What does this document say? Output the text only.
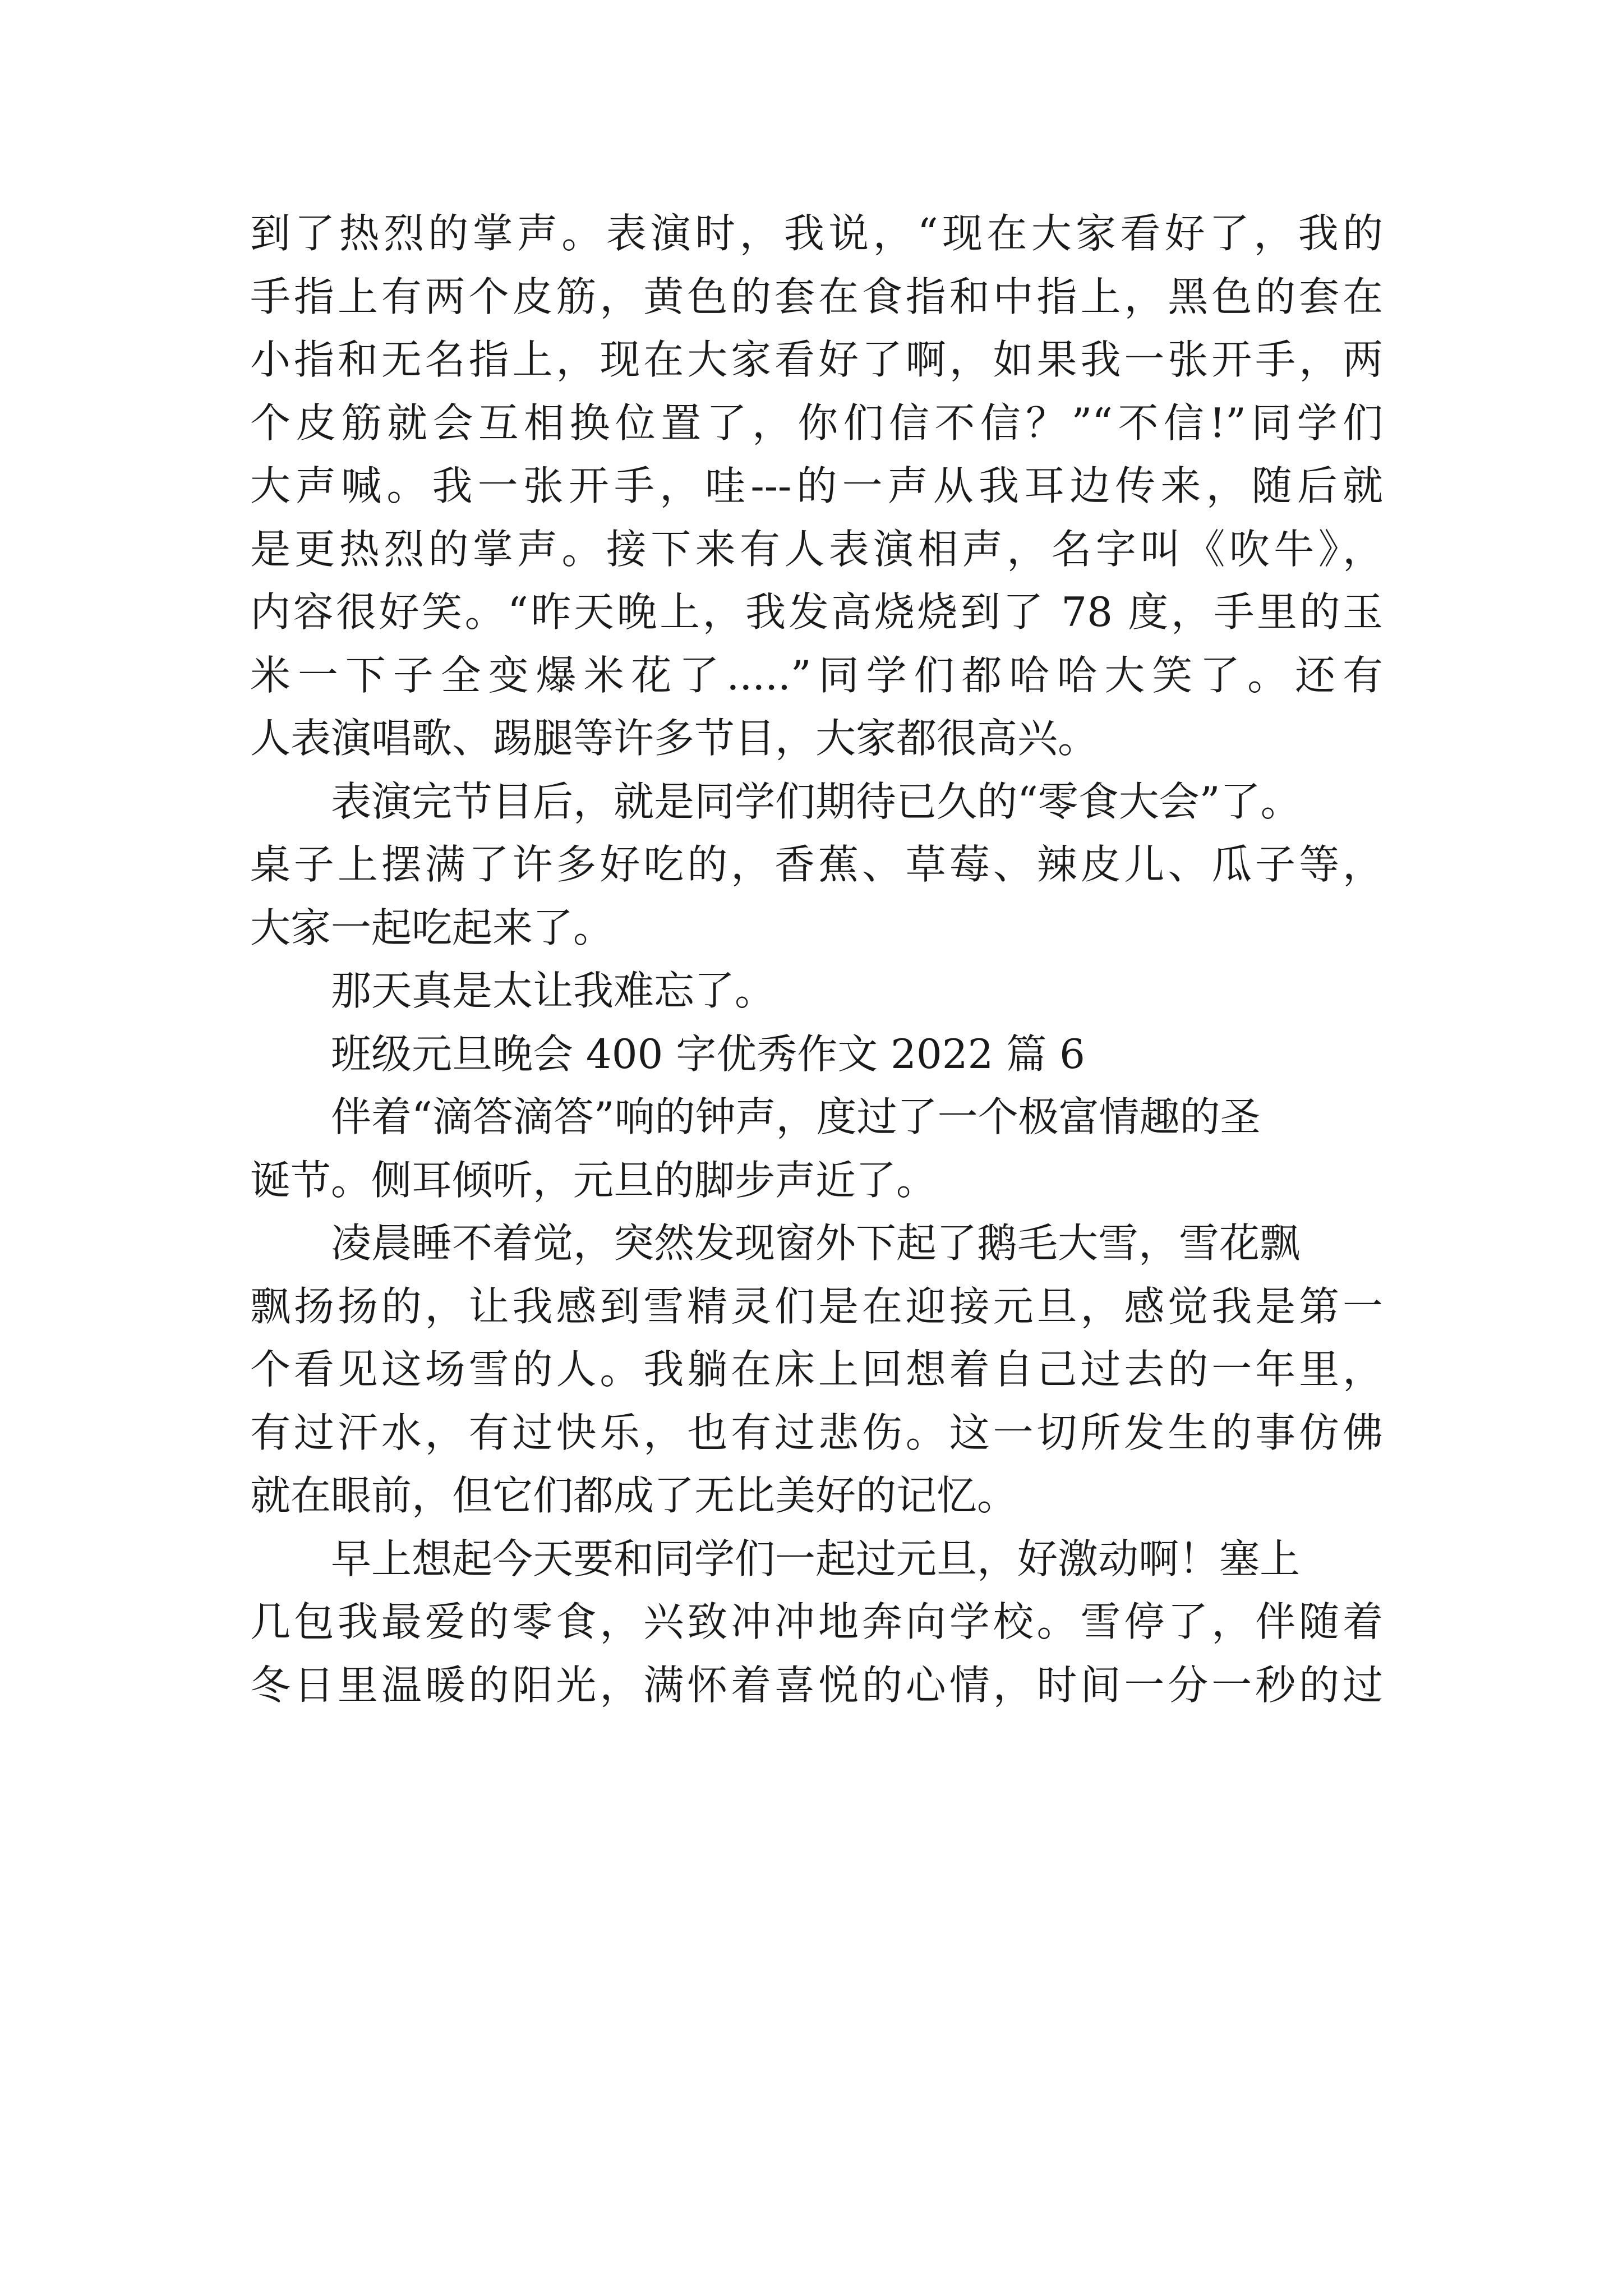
到了热烈的掌声。表演时，我说，“现在大家看好了，我的
手指上有两个皮筋，黄色的套在食指和中指上，黑色的套在
小指和无名指上，现在大家看好了啊，如果我一张开手，两
个皮筋就会互相换位置了，你们信不信？”“不信!”同学们
大声喊。我一张开手，哇---的一声从我耳边传来，随后就
是更热烈的掌声。接下来有人表演相声，名字叫《吹牛》，
内容很好笑。“昨天晚上，我发高烧烧到了 78 度，手里的玉
米一下子全变爆米花了.....”同学们都哈哈大笑了。还有
人表演唱歌、踢腿等许多节目，大家都很高兴。
表演完节目后，就是同学们期待已久的“零食大会”了。
桌子上摆满了许多好吃的，香蕉、草莓、辣皮儿、瓜子等，
大家一起吃起来了。
那天真是太让我难忘了。
班级元旦晚会 400 字优秀作文 2022 篇 6
伴着“滴答滴答”响的钟声，度过了一个极富情趣的圣
诞节。侧耳倾听，元旦的脚步声近了。
凌晨睡不着觉，突然发现窗外下起了鹅毛大雪，雪花飘
飘扬扬的，让我感到雪精灵们是在迎接元旦，感觉我是第一
个看见这场雪的人。我躺在床上回想着自己过去的一年里，
有过汗水，有过快乐，也有过悲伤。这一切所发生的事仿佛
就在眼前，但它们都成了无比美好的记忆。
早上想起今天要和同学们一起过元旦，好激动啊！塞上
几包我最爱的零食，兴致冲冲地奔向学校。雪停了，伴随着
冬日里温暖的阳光，满怀着喜悦的心情，时间一分一秒的过
